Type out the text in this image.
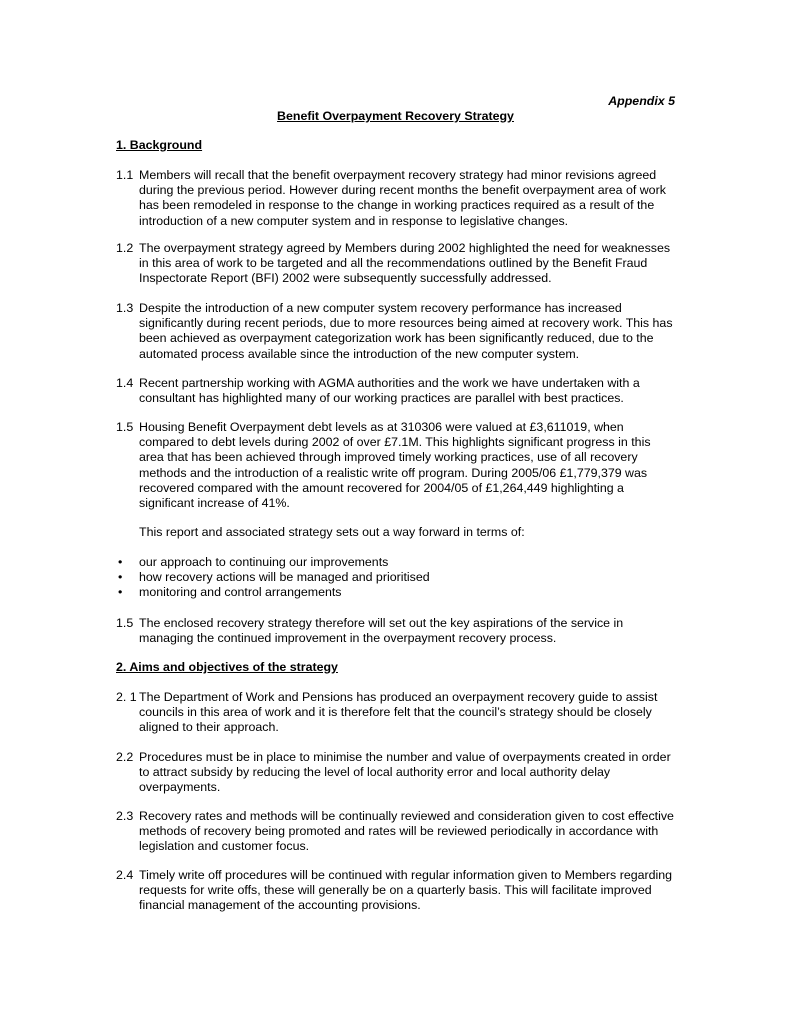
Appendix 5
Benefit Overpayment Recovery Strategy
1. Background
1.1 Members will recall that the benefit overpayment recovery strategy had minor revisions agreed during the previous period. However during recent months the benefit overpayment area of work has been remodeled in response to the change in working practices required as a result of the introduction of a new computer system and in response to legislative changes.
1.2 The overpayment strategy agreed by Members during 2002 highlighted the need for weaknesses in this area of work to be targeted and all the recommendations outlined by the Benefit Fraud Inspectorate Report (BFI) 2002 were subsequently successfully addressed.
1.3 Despite the introduction of a new computer system recovery performance has increased significantly during recent periods, due to more resources being aimed at recovery work. This has been achieved as overpayment categorization work has been significantly reduced, due to the automated process available since the introduction of the new computer system.
1.4 Recent partnership working with AGMA authorities and the work we have undertaken with a consultant has highlighted many of our working practices are parallel with best practices.
1.5 Housing Benefit Overpayment debt levels as at 310306 were valued at £3,611019, when compared to debt levels during 2002 of over £7.1M. This highlights significant progress in this area that has been achieved through improved timely working practices, use of all recovery methods and the introduction of a realistic write off program. During 2005/06 £1,779,379 was recovered compared with the amount recovered for 2004/05 of £1,264,449 highlighting a significant increase of 41%.
This report and associated strategy sets out a way forward in terms of:
• our approach to continuing our improvements
• how recovery actions will be managed and prioritised
• monitoring and control arrangements
1.5 The enclosed recovery strategy therefore will set out the key aspirations of the service in managing the continued improvement in the overpayment recovery process.
2. Aims and objectives of the strategy
2. 1 The Department of Work and Pensions has produced an overpayment recovery guide to assist councils in this area of work and it is therefore felt that the council’s strategy should be closely aligned to their approach.
2.2 Procedures must be in place to minimise the number and value of overpayments created in order to attract subsidy by reducing the level of local authority error and local authority delay overpayments.
2.3 Recovery rates and methods will be continually reviewed and consideration given to cost effective methods of recovery being promoted and rates will be reviewed periodically in accordance with legislation and customer focus.
2.4 Timely write off procedures will be continued with regular information given to Members regarding requests for write offs, these will generally be on a quarterly basis. This will facilitate improved financial management of the accounting provisions.
